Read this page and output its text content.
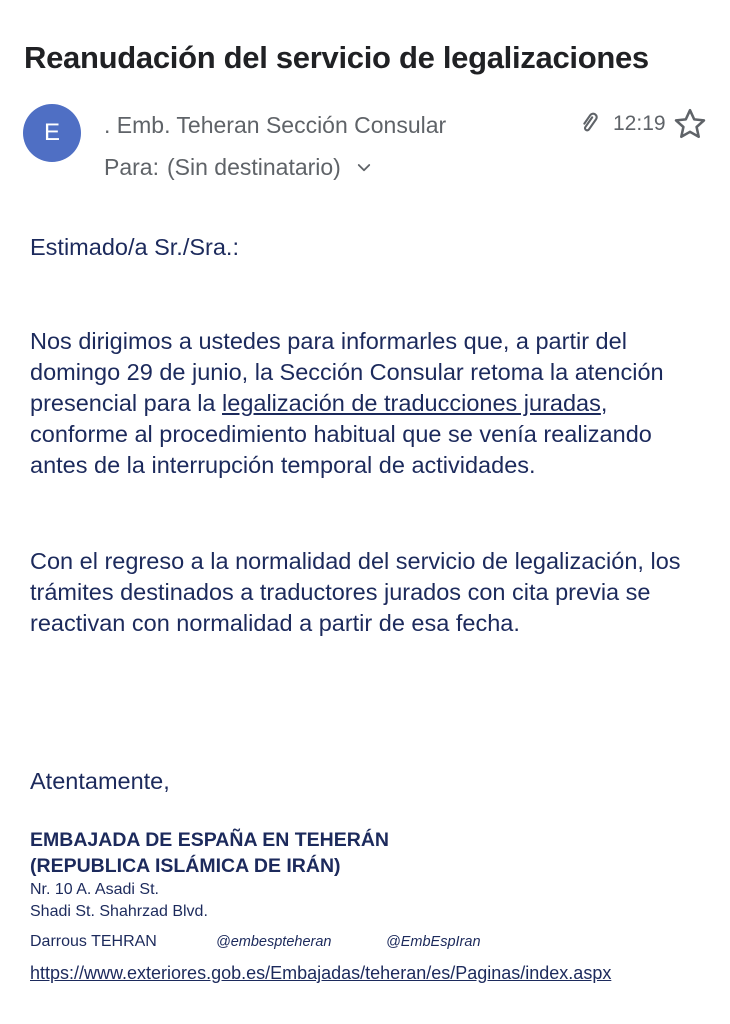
Reanudación del servicio de legalizaciones
E . Emb. Teheran Sección Consular
Para: (Sin destinatario)
12:19
Estimado/a Sr./Sra.:
Nos dirigimos a ustedes para informarles que, a partir del domingo 29 de junio, la Sección Consular retoma la atención presencial para la legalización de traducciones juradas, conforme al procedimiento habitual que se venía realizando antes de la interrupción temporal de actividades.
Con el regreso a la normalidad del servicio de legalización, los trámites destinados a traductores jurados con cita previa se reactivan con normalidad a partir de esa fecha.
Atentamente,
EMBAJADA DE ESPAÑA EN TEHERÁN
(REPUBLICA ISLÁMICA DE IRÁN)
Nr. 10 A. Asadi St.
Shadi St. Shahrzad Blvd.
Darrous TEHRAN	@embespteheran	@EmbEspIran
https://www.exteriores.gob.es/Embajadas/teheran/es/Paginas/index.aspx
